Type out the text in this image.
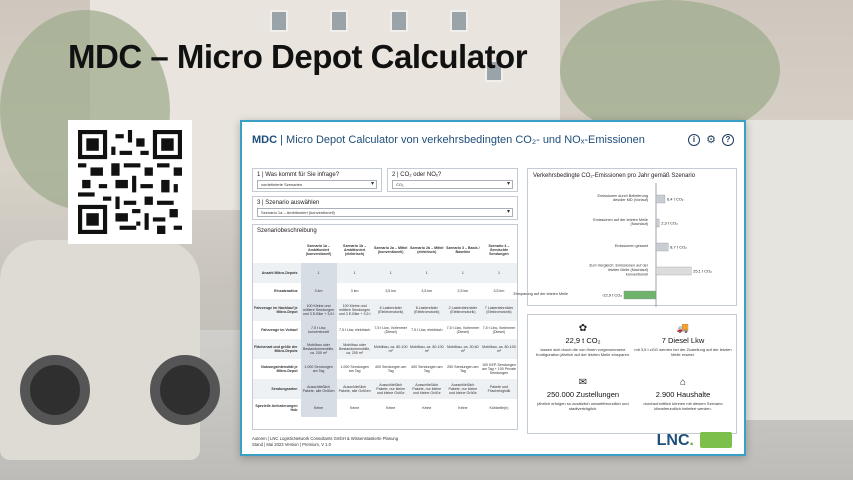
MDC – Micro Depot Calculator
MDC | Micro Depot Calculator von verkehrsbedingten CO₂- und NOₓ-Emissionen	i ⚙	?
1 | Was kommt für Sie infrage?
vordefinierte Szenarien ▾
2 | CO₂ oder NOₓ?
CO₂ ▾
3 | Szenario auswählen
Szenario 1a – Ambitioniert (konventionell) ▾
Szenariobeschreibung
	Szenario 1a – Ambitioniert (konventionell)	Szenario 1b – Ambitioniert (elektrisch)	Szenario 2a – Mittel (konventionell)	Szenario 2b – Mittel (elektrisch)	Szenario 3 – Basis / Baseline	Szenario 4 – Gemischte Sendungen
Anzahl Mikro-Depots	1	1	1	1	1	1
Einsatzradius	3 km	3 km	3,5 km	3,5 km	2,5 km	3,5 km
Fahrzeuge im Nachlauf je Mikro-Depot	100 Kleine und mittlere Sendungen und 3 E-Bike + 3,5 t	100 Kleine und mittlere Sendungen und 3 E-Bike + 3,5 t	6 Lastenräder (Elektromotorik)	6 Lastenräder (Elektromotorik)	2 Lastenfahrräder (Elektromotorik)	7 Lastenfahrräder (Elektromotorik)
Fahrzeuge im Vorlauf	7,5 t Lkw, konventionell	7,5 t Lkw, elektrisch	7,5 t Lkw, Vorlenmer (Diesel)	7,5 t Lkw, elektrisch	7,5 t Lkw, Vorlenmer (Diesel)	7,5 t Lkw, Vorlenmer (Diesel)
Flächenart und größe der Mikro-Depots	Mobilbau oder Bestandsimmobilie, ca. 200 m²	Mobilbau oder Bestandsimmobilie, ca. 200 m²	Mobilbau, ca. 80-100 m²	Mobilbau, ca. 80-100 m²	Mobilbau, ca. 30-60 m²	Mobilbau, ca. 80-100 m²
Nutzungsintensität je Mikro-Depot	1.000 Sendungen am Tag	1.000 Sendungen am Tag	400 Sendungen am Tag	400 Sendungen am Tag	250 Sendungen am Tag	100 KEP-Sendungen am Tag + 100 Private Sendungen
Sendungsarten	Ausschließlich Pakete, alle Größen	Ausschließlich Pakete, alle Größen	Ausschließlich Pakete, nur kleine und kleine Größe	Ausschließlich Pakete, nur kleine und kleine Größe	Ausschließlich Pakete, nur kleine und kleine Größe	Pakete und Frischelogistik
Spezielle Anforderungen Hub	Keine	Keine	Keine	Keine	Keine	Kühlzelle(n)
Verkehrsbedingte CO₂-Emissionen pro Jahr gemäß Szenario
Emissionen durch Belieferung des/der MD (Vorlauf)	6,4 t CO₂
Emissionen auf der letzten Meile (Nachlauf)	2,3 t CO₂
Emissionen gesamt	8,7 t CO₂
Zum Vergleich: Emissionen auf der letzten Meile (Nachlauf) konventionell
25,1 t CO₂
-22,9 t CO₂
Einsparung auf der letzten Meile
✿
22,9 t CO₂
lassen sich durch die von Ihnen vorgenommene Konfiguration jährlich auf der letzten Meile einsparen.
🚚
7 Diesel Lkw
mit 3,5 t zGG werden bei der Zustellung auf der letzten Meile ersetzt.
✉
250.000 Zustellungen
jährlich erfolgen so zusätzlich umweltfreundlich und stadtverträglich.
⌂
2.900 Haushalte
durchschnittlich können mit diesem Szenario klimafreundlich beliefert werden.
Autoren | LNC LogisticNetwork Consultants GmbH & Wissenstastierte Planung
Stand | Mai 2023 Version | Premium, V 1.0	LNC.
